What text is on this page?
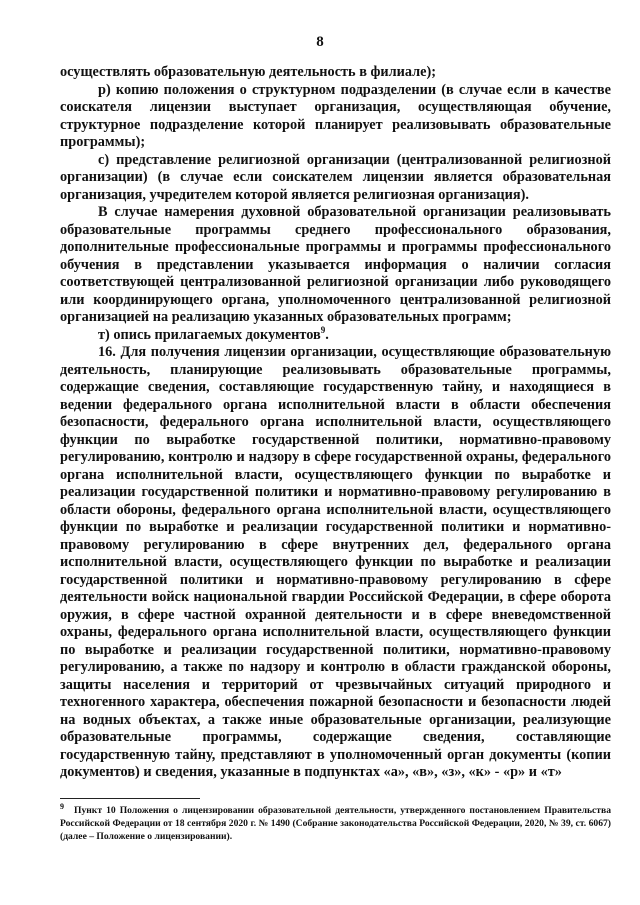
8

осуществлять образовательную деятельность в филиале);

р) копию положения о структурном подразделении (в случае если в качестве соискателя лицензии выступает организация, осуществляющая обучение, структурное подразделение которой планирует реализовывать образовательные программы);

с) представление религиозной организации (централизованной религиозной организации) (в случае если соискателем лицензии является образовательная организация, учредителем которой является религиозная организация).

В случае намерения духовной образовательной организации реализовывать образовательные программы среднего профессионального образования, дополнительные профессиональные программы и программы профессионального обучения в представлении указывается информация о наличии согласия соответствующей централизованной религиозной организации либо руководящего или координирующего органа, уполномоченного централизованной религиозной организацией на реализацию указанных образовательных программ;

т) опись прилагаемых документов$^9$.

16. Для получения лицензии организации, осуществляющие образовательную деятельность, планирующие реализовывать образовательные программы, содержащие сведения, составляющие государственную тайну, и находящиеся в ведении федерального органа исполнительной власти в области обеспечения безопасности, федерального органа исполнительной власти, осуществляющего функции по выработке государственной политики, нормативно-правовому регулированию, контролю и надзору в сфере государственной охраны, федерального органа исполнительной власти, осуществляющего функции по выработке и реализации государственной политики и нормативно-правовому регулированию в области обороны, федерального органа исполнительной власти, осуществляющего функции по выработке и реализации государственной политики и нормативно-правовому регулированию в сфере внутренних дел, федерального органа исполнительной власти, осуществляющего функции по выработке и реализации государственной политики и нормативно-правовому регулированию в сфере деятельности войск национальной гвардии Российской Федерации, в сфере оборота оружия, в сфере частной охранной деятельности и в сфере вневедомственной охраны, федерального органа исполнительной власти, осуществляющего функции по выработке и реализации государственной политики, нормативно-правовому регулированию, а также по надзору и контролю в области гражданской обороны, защиты населения и территорий от чрезвычайных ситуаций природного и техногенного характера, обеспечения пожарной безопасности и безопасности людей на водных объектах, а также иные образовательные организации, реализующие образовательные программы, содержащие сведения, составляющие государственную тайну, представляют в уполномоченный орган документы (копии документов) и сведения, указанные в подпунктах «а», «в», «з», «к» - «р» и «т»

$^9$ Пункт 10 Положения о лицензировании образовательной деятельности, утвержденного постановлением Правительства Российской Федерации от 18 сентября 2020 г. № 1490 (Собрание законодательства Российской Федерации, 2020, № 39, ст. 6067) (далее – Положение о лицензировании).
